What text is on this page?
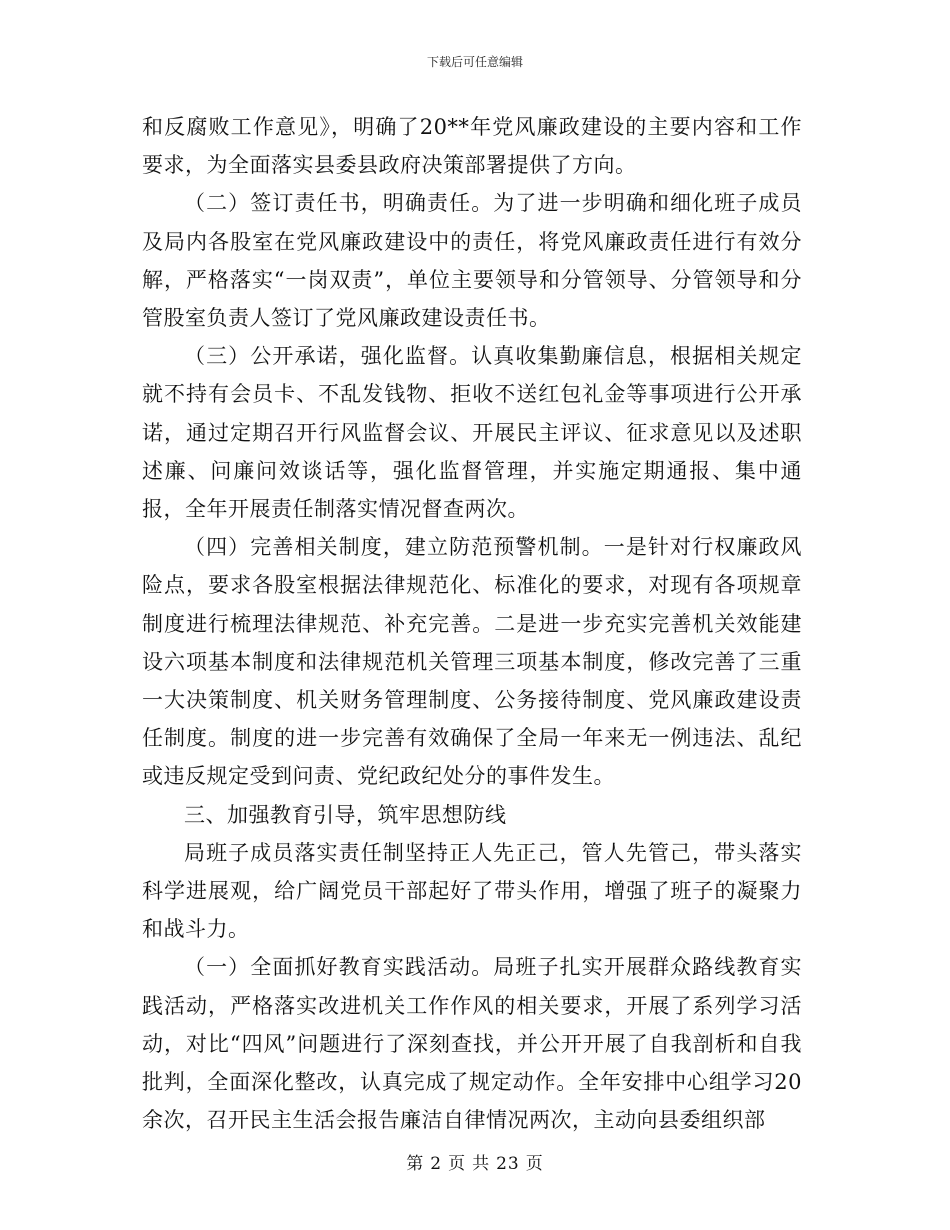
下载后可任意编辑

和反腐败工作意见》，明确了20**年党风廉政建设的主要内容和工作要求，为全面落实县委县政府决策部署提供了方向。

（二）签订责任书，明确责任。为了进一步明确和细化班子成员及局内各股室在党风廉政建设中的责任，将党风廉政责任进行有效分解，严格落实“一岗双责”，单位主要领导和分管领导、分管领导和分管股室负责人签订了党风廉政建设责任书。

（三）公开承诺，强化监督。认真收集勤廉信息，根据相关规定就不持有会员卡、不乱发钱物、拒收不送红包礼金等事项进行公开承诺，通过定期召开行风监督会议、开展民主评议、征求意见以及述职述廉、问廉问效谈话等，强化监督管理，并实施定期通报、集中通报，全年开展责任制落实情况督查两次。

（四）完善相关制度，建立防范预警机制。一是针对行权廉政风险点，要求各股室根据法律规范化、标准化的要求，对现有各项规章制度进行梳理法律规范、补充完善。二是进一步充实完善机关效能建设六项基本制度和法律规范机关管理三项基本制度，修改完善了三重一大决策制度、机关财务管理制度、公务接待制度、党风廉政建设责任制度。制度的进一步完善有效确保了全局一年来无一例违法、乱纪或违反规定受到问责、党纪政纪处分的事件发生。

三、加强教育引导，筑牢思想防线

局班子成员落实责任制坚持正人先正己，管人先管己，带头落实科学进展观，给广阔党员干部起好了带头作用，增强了班子的凝聚力和战斗力。

（一）全面抓好教育实践活动。局班子扎实开展群众路线教育实践活动，严格落实改进机关工作作风的相关要求，开展了系列学习活动，对比“四风”问题进行了深刻查找，并公开开展了自我剖析和自我批判，全面深化整改，认真完成了规定动作。全年安排中心组学习20余次，召开民主生活会报告廉洁自律情况两次，主动向县委组织部

第 2 页 共 23 页
